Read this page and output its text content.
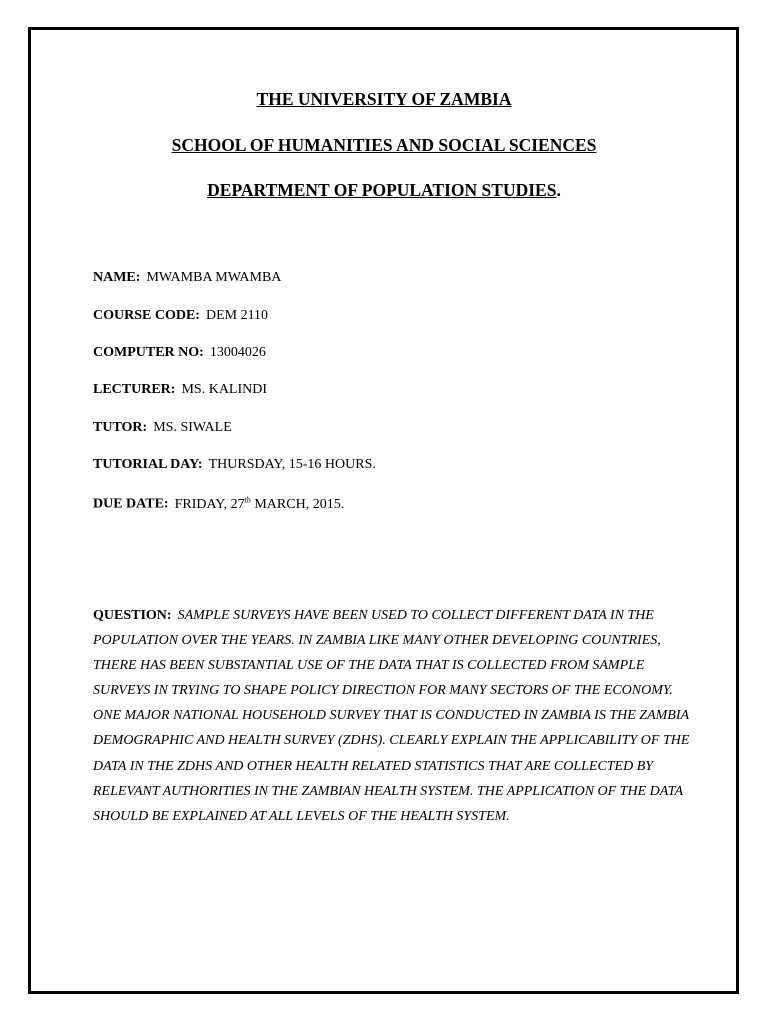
THE UNIVERSITY OF ZAMBIA
SCHOOL OF HUMANITIES AND SOCIAL SCIENCES
DEPARTMENT OF POPULATION STUDIES.
NAME: MWAMBA MWAMBA
COURSE CODE: DEM 2110
COMPUTER NO: 13004026
LECTURER: MS. KALINDI
TUTOR: MS. SIWALE
TUTORIAL DAY: THURSDAY, 15-16 HOURS.
DUE DATE: FRIDAY, 27th MARCH, 2015.
QUESTION: SAMPLE SURVEYS HAVE BEEN USED TO COLLECT DIFFERENT DATA IN THE POPULATION OVER THE YEARS. IN ZAMBIA LIKE MANY OTHER DEVELOPING COUNTRIES, THERE HAS BEEN SUBSTANTIAL USE OF THE DATA THAT IS COLLECTED FROM SAMPLE SURVEYS IN TRYING TO SHAPE POLICY DIRECTION FOR MANY SECTORS OF THE ECONOMY. ONE MAJOR NATIONAL HOUSEHOLD SURVEY THAT IS CONDUCTED IN ZAMBIA IS THE ZAMBIA DEMOGRAPHIC AND HEALTH SURVEY (ZDHS). CLEARLY EXPLAIN THE APPLICABILITY OF THE DATA IN THE ZDHS AND OTHER HEALTH RELATED STATISTICS THAT ARE COLLECTED BY RELEVANT AUTHORITIES IN THE ZAMBIAN HEALTH SYSTEM. THE APPLICATION OF THE DATA SHOULD BE EXPLAINED AT ALL LEVELS OF THE HEALTH SYSTEM.
